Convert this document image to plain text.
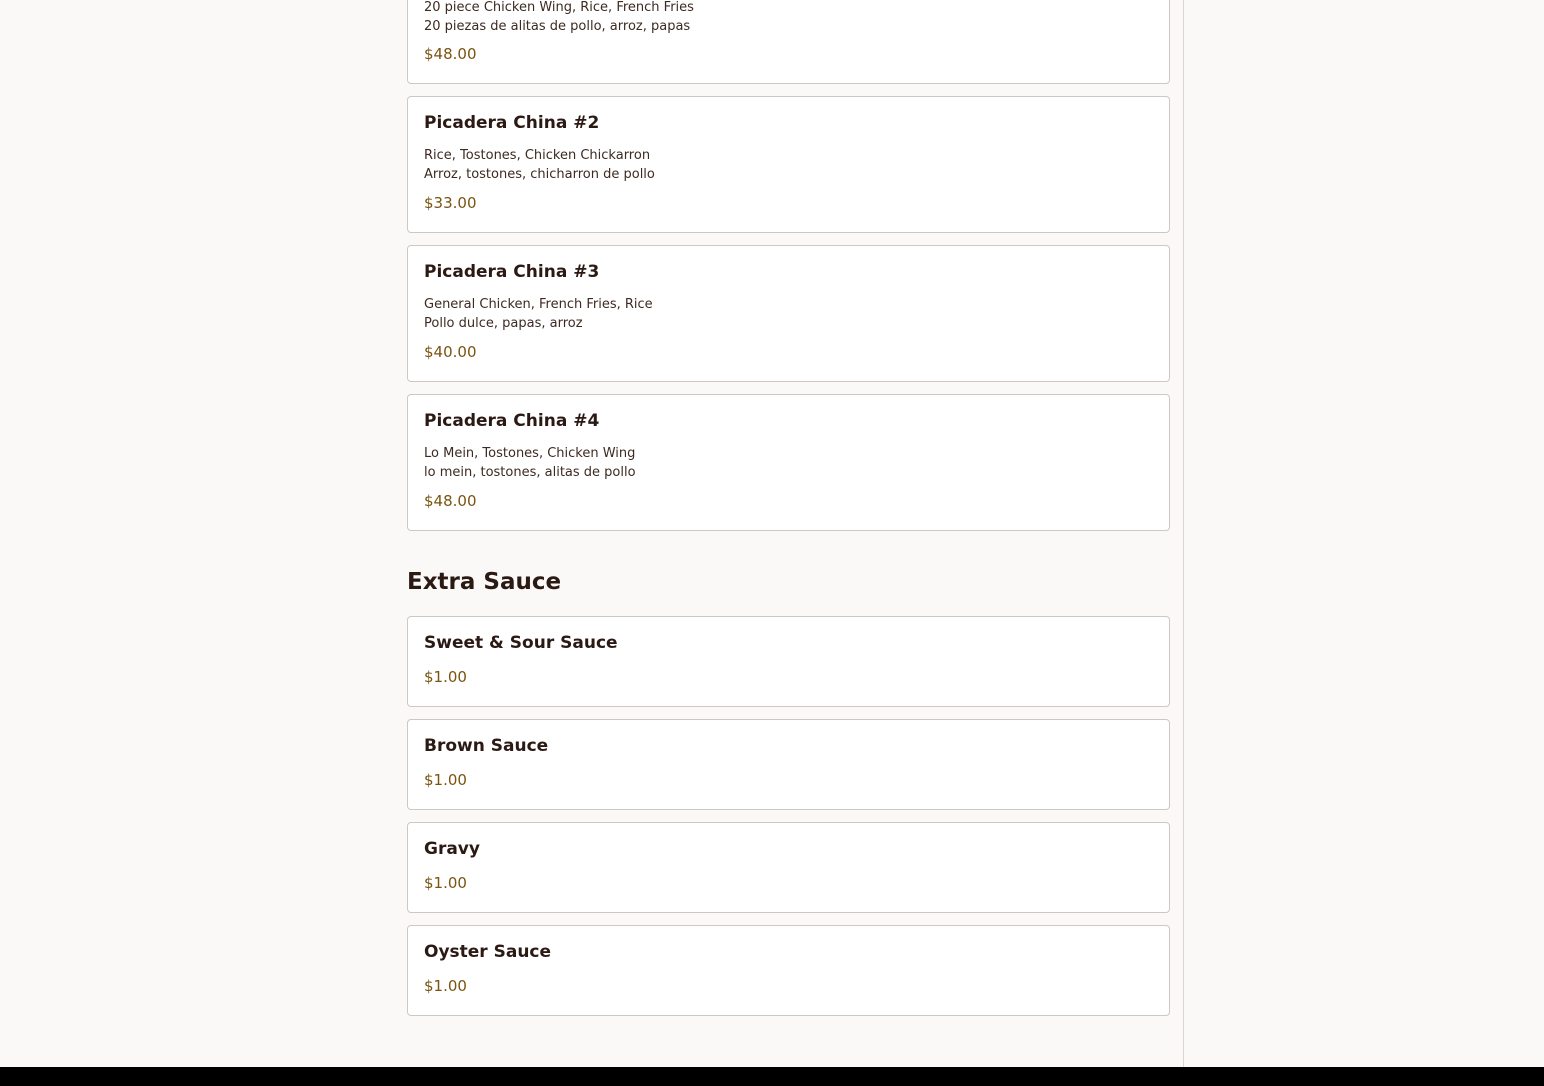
20 piece Chicken Wing, Rice, French Fries
20 piezas de alitas de pollo, arroz, papas
$48.00
Picadera China #2
Rice, Tostones, Chicken Chickarron
Arroz, tostones, chicharron de pollo
$33.00
Picadera China #3
General Chicken, French Fries, Rice
Pollo dulce, papas, arroz
$40.00
Picadera China #4
Lo Mein, Tostones, Chicken Wing
lo mein, tostones, alitas de pollo
$48.00
Extra Sauce
Sweet & Sour Sauce
$1.00
Brown Sauce
$1.00
Gravy
$1.00
Oyster Sauce
$1.00
